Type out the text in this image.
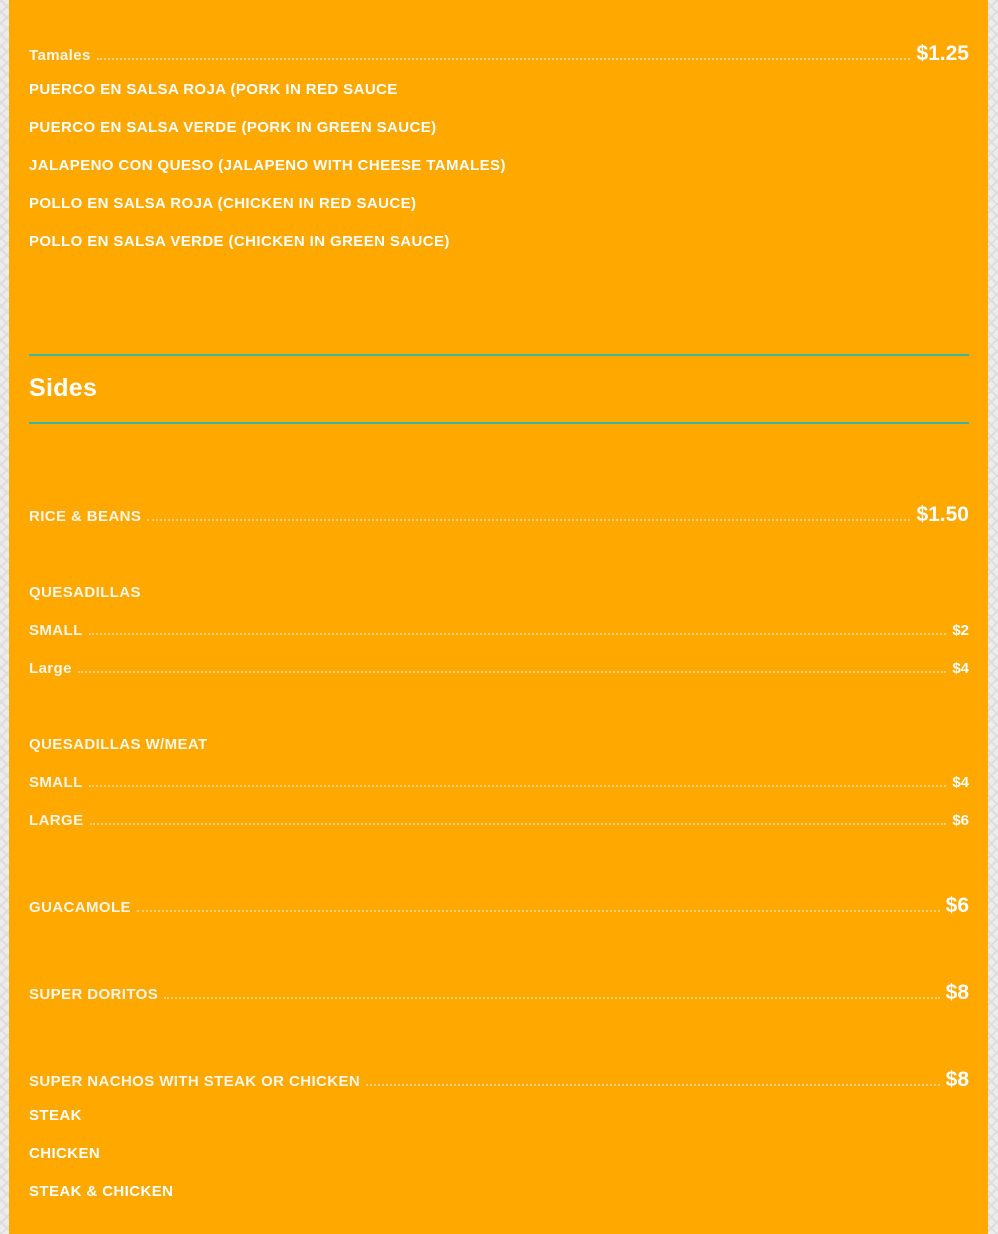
Tamales	$1.25
PUERCO EN SALSA ROJA (PORK IN RED SAUCE
PUERCO EN SALSA VERDE (PORK IN GREEN SAUCE)
JALAPENO CON QUESO (JALAPENO WITH CHEESE TAMALES)
POLLO EN SALSA ROJA (CHICKEN IN RED SAUCE)
POLLO EN SALSA VERDE (CHICKEN IN GREEN SAUCE)
Sides
RICE & BEANS	$1.50
QUESADILLAS
SMALL	$2
Large	$4
QUESADILLAS W/MEAT
SMALL	$4
LARGE	$6
GUACAMOLE	$6
SUPER DORITOS	$8
SUPER NACHOS WITH STEAK OR CHICKEN	$8
STEAK
CHICKEN
STEAK & CHICKEN
